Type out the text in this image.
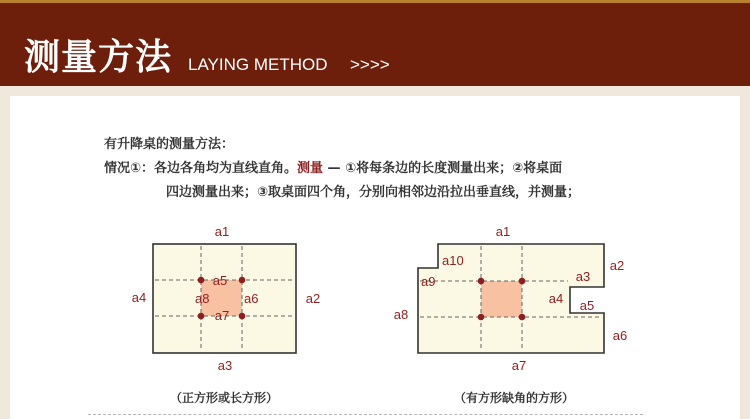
测量方法 LAYING METHOD >>>>
有升降桌的测量方法：
情况①：各边各角均为直线直角。测量 — ①将每条边的长度测量出来；②将桌面
四边测量出来；③取桌面四个角，分别向相邻边沿拉出垂直线，并测量；
a1
a2
a3
a4
a5
a6
a7
a8
（正方形或长方形）
a1
a2
a3
a4 a5
a6
a7
a8
a9
a10
（有方形缺角的方形）
